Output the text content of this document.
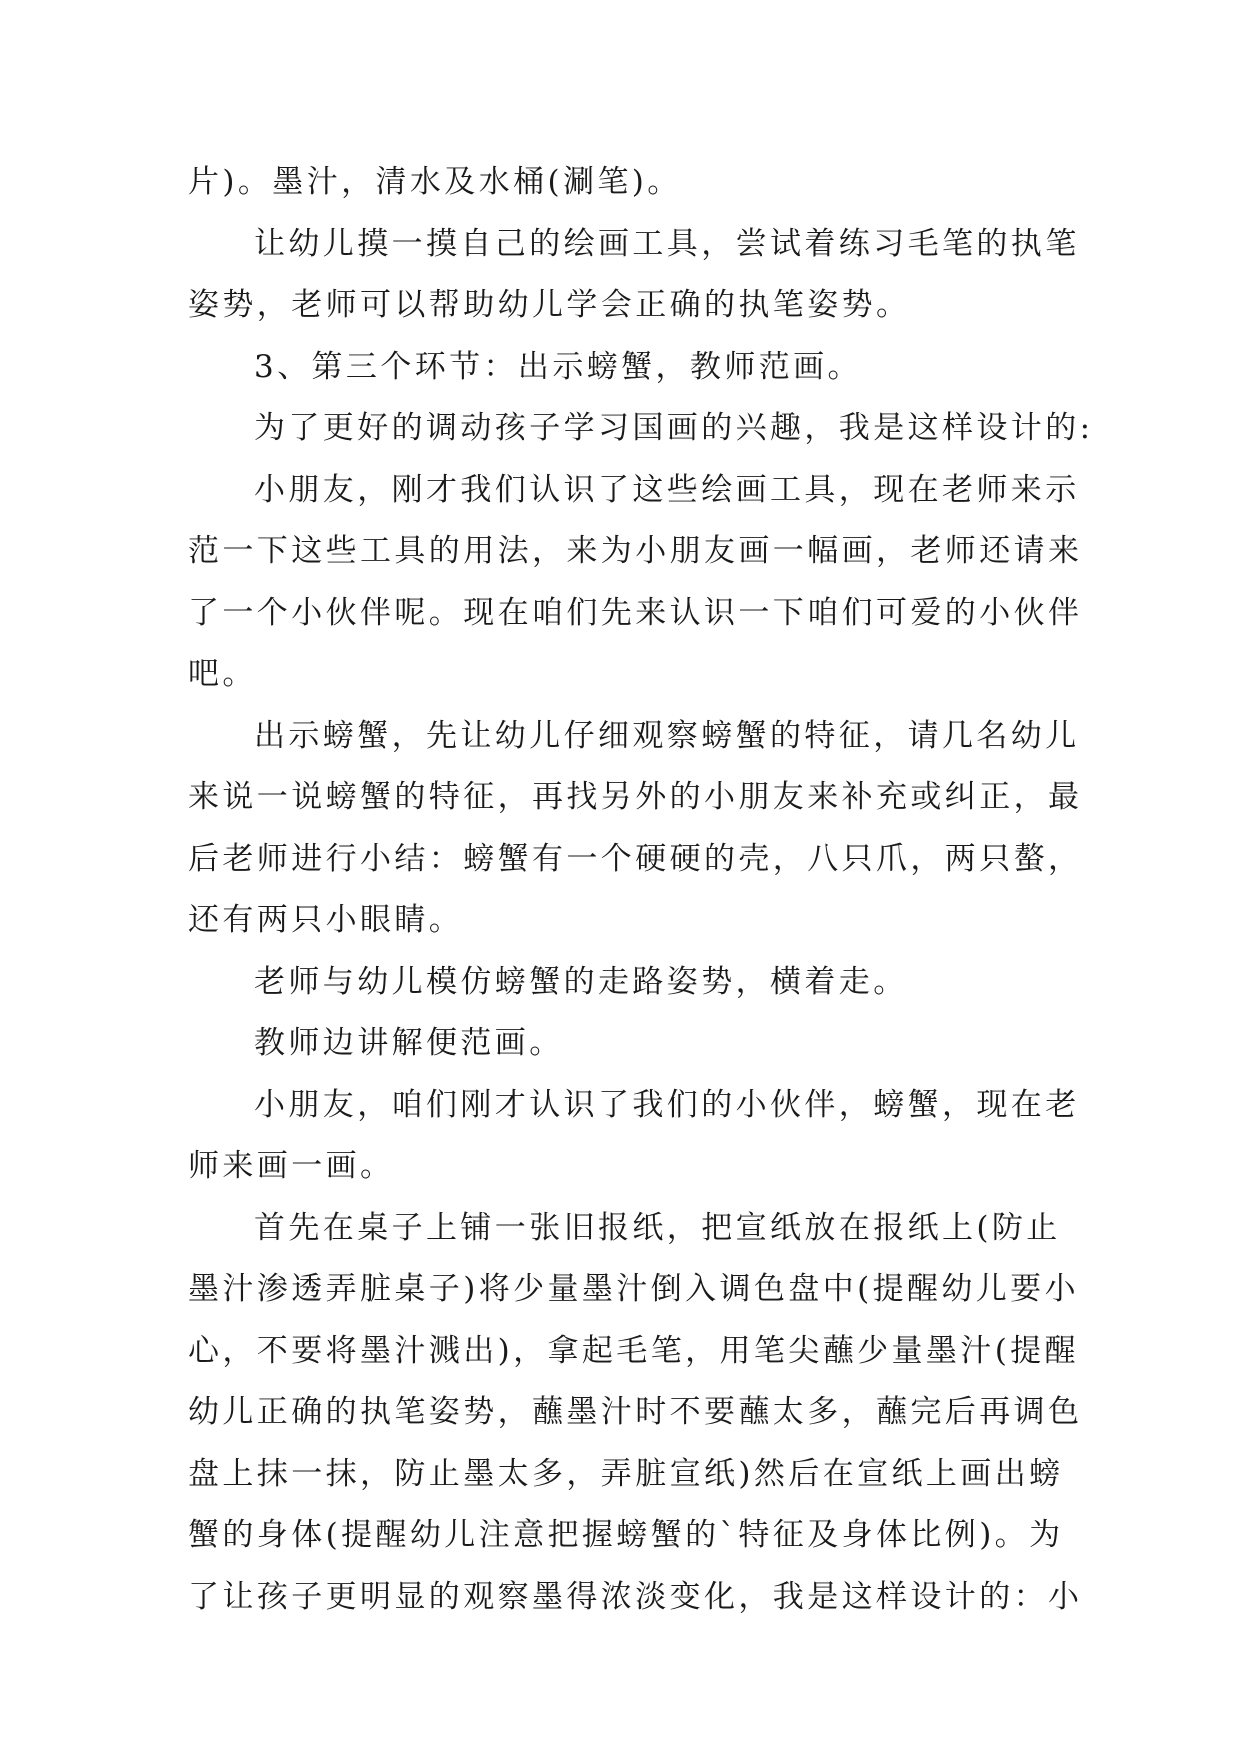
片)。墨汁，清水及水桶(涮笔)。
让幼儿摸一摸自己的绘画工具，尝试着练习毛笔的执笔
姿势，老师可以帮助幼儿学会正确的执笔姿势。
3、第三个环节：出示螃蟹，教师范画。
为了更好的调动孩子学习国画的兴趣，我是这样设计的:
小朋友，刚才我们认识了这些绘画工具，现在老师来示
范一下这些工具的用法，来为小朋友画一幅画，老师还请来
了一个小伙伴呢。现在咱们先来认识一下咱们可爱的小伙伴
吧。
出示螃蟹，先让幼儿仔细观察螃蟹的特征，请几名幼儿
来说一说螃蟹的特征，再找另外的小朋友来补充或纠正，最
后老师进行小结：螃蟹有一个硬硬的壳，八只爪，两只螯，
还有两只小眼睛。
老师与幼儿模仿螃蟹的走路姿势，横着走。
教师边讲解便范画。
小朋友，咱们刚才认识了我们的小伙伴，螃蟹，现在老
师来画一画。
首先在桌子上铺一张旧报纸，把宣纸放在报纸上(防止
墨汁渗透弄脏桌子)将少量墨汁倒入调色盘中(提醒幼儿要小
心，不要将墨汁溅出)，拿起毛笔，用笔尖蘸少量墨汁(提醒
幼儿正确的执笔姿势，蘸墨汁时不要蘸太多，蘸完后再调色
盘上抹一抹，防止墨太多，弄脏宣纸)然后在宣纸上画出螃
蟹的身体(提醒幼儿注意把握螃蟹的`特征及身体比例)。为
了让孩子更明显的观察墨得浓淡变化，我是这样设计的：小
